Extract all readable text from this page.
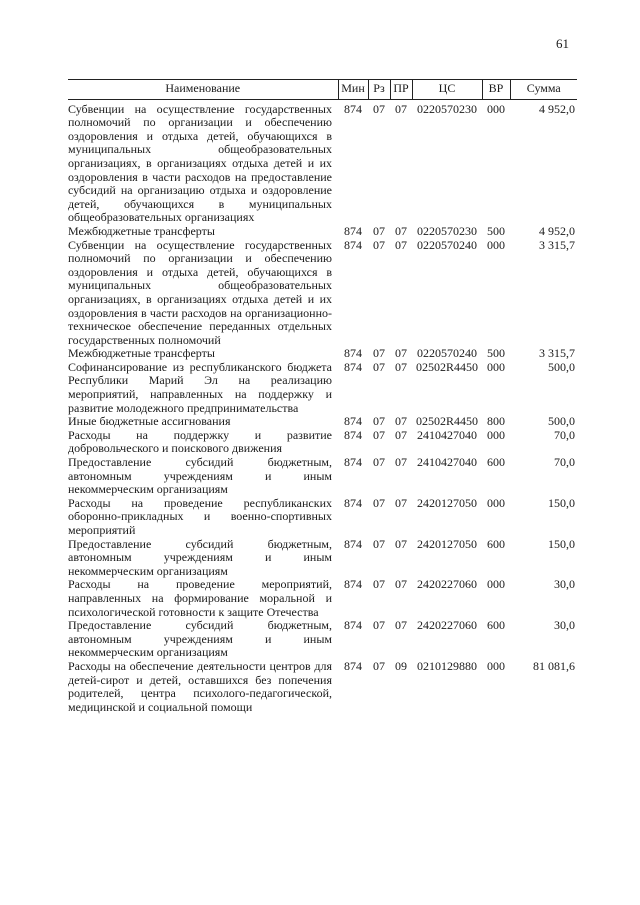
61
Наименование	Мин	Рз	ПР	ЦС	ВР	Сумма
Субвенции на осуществление государственных полномочий по организации и обеспечению оздоровления и отдыха детей, обучающихся в муниципальных общеобразовательных организациях, в организациях отдыха детей и их оздоровления в части расходов на предоставление субсидий на организацию отдыха и оздоровление детей, обучающихся в муниципальных общеобразовательных организациях	874	07	07	0220570230	000	4 952,0
Межбюджетные трансферты	874	07	07	0220570230	500	4 952,0
Субвенции на осуществление государственных полномочий по организации и обеспечению оздоровления и отдыха детей, обучающихся в муниципальных общеобразовательных организациях, в организациях отдыха детей и их оздоровления в части расходов на организационно-техническое обеспечение переданных отдельных государственных полномочий	874	07	07	0220570240	000	3 315,7
Межбюджетные трансферты	874	07	07	0220570240	500	3 315,7
Софинансирование из республиканского бюджета Республики Марий Эл на реализацию мероприятий, направленных на поддержку и развитие молодежного предпринимательства	874	07	07	02502R4450	000	500,0
Иные бюджетные ассигнования	874	07	07	02502R4450	800	500,0
Расходы на поддержку и развитие добровольческого и поискового движения	874	07	07	2410427040	000	70,0
Предоставление субсидий бюджетным, автономным учреждениям и иным некоммерческим организациям	874	07	07	2410427040	600	70,0
Расходы на проведение республиканских оборонно-прикладных и военно-спортивных мероприятий	874	07	07	2420127050	000	150,0
Предоставление субсидий бюджетным, автономным учреждениям и иным некоммерческим организациям	874	07	07	2420127050	600	150,0
Расходы на проведение мероприятий, направленных на формирование моральной и психологической готовности к защите Отечества	874	07	07	2420227060	000	30,0
Предоставление субсидий бюджетным, автономным учреждениям и иным некоммерческим организациям	874	07	07	2420227060	600	30,0
Расходы на обеспечение деятельности центров для детей-сирот и детей, оставшихся без попечения родителей, центра психолого-педагогической, медицинской и социальной помощи	874	07	09	0210129880	000	81 081,6
